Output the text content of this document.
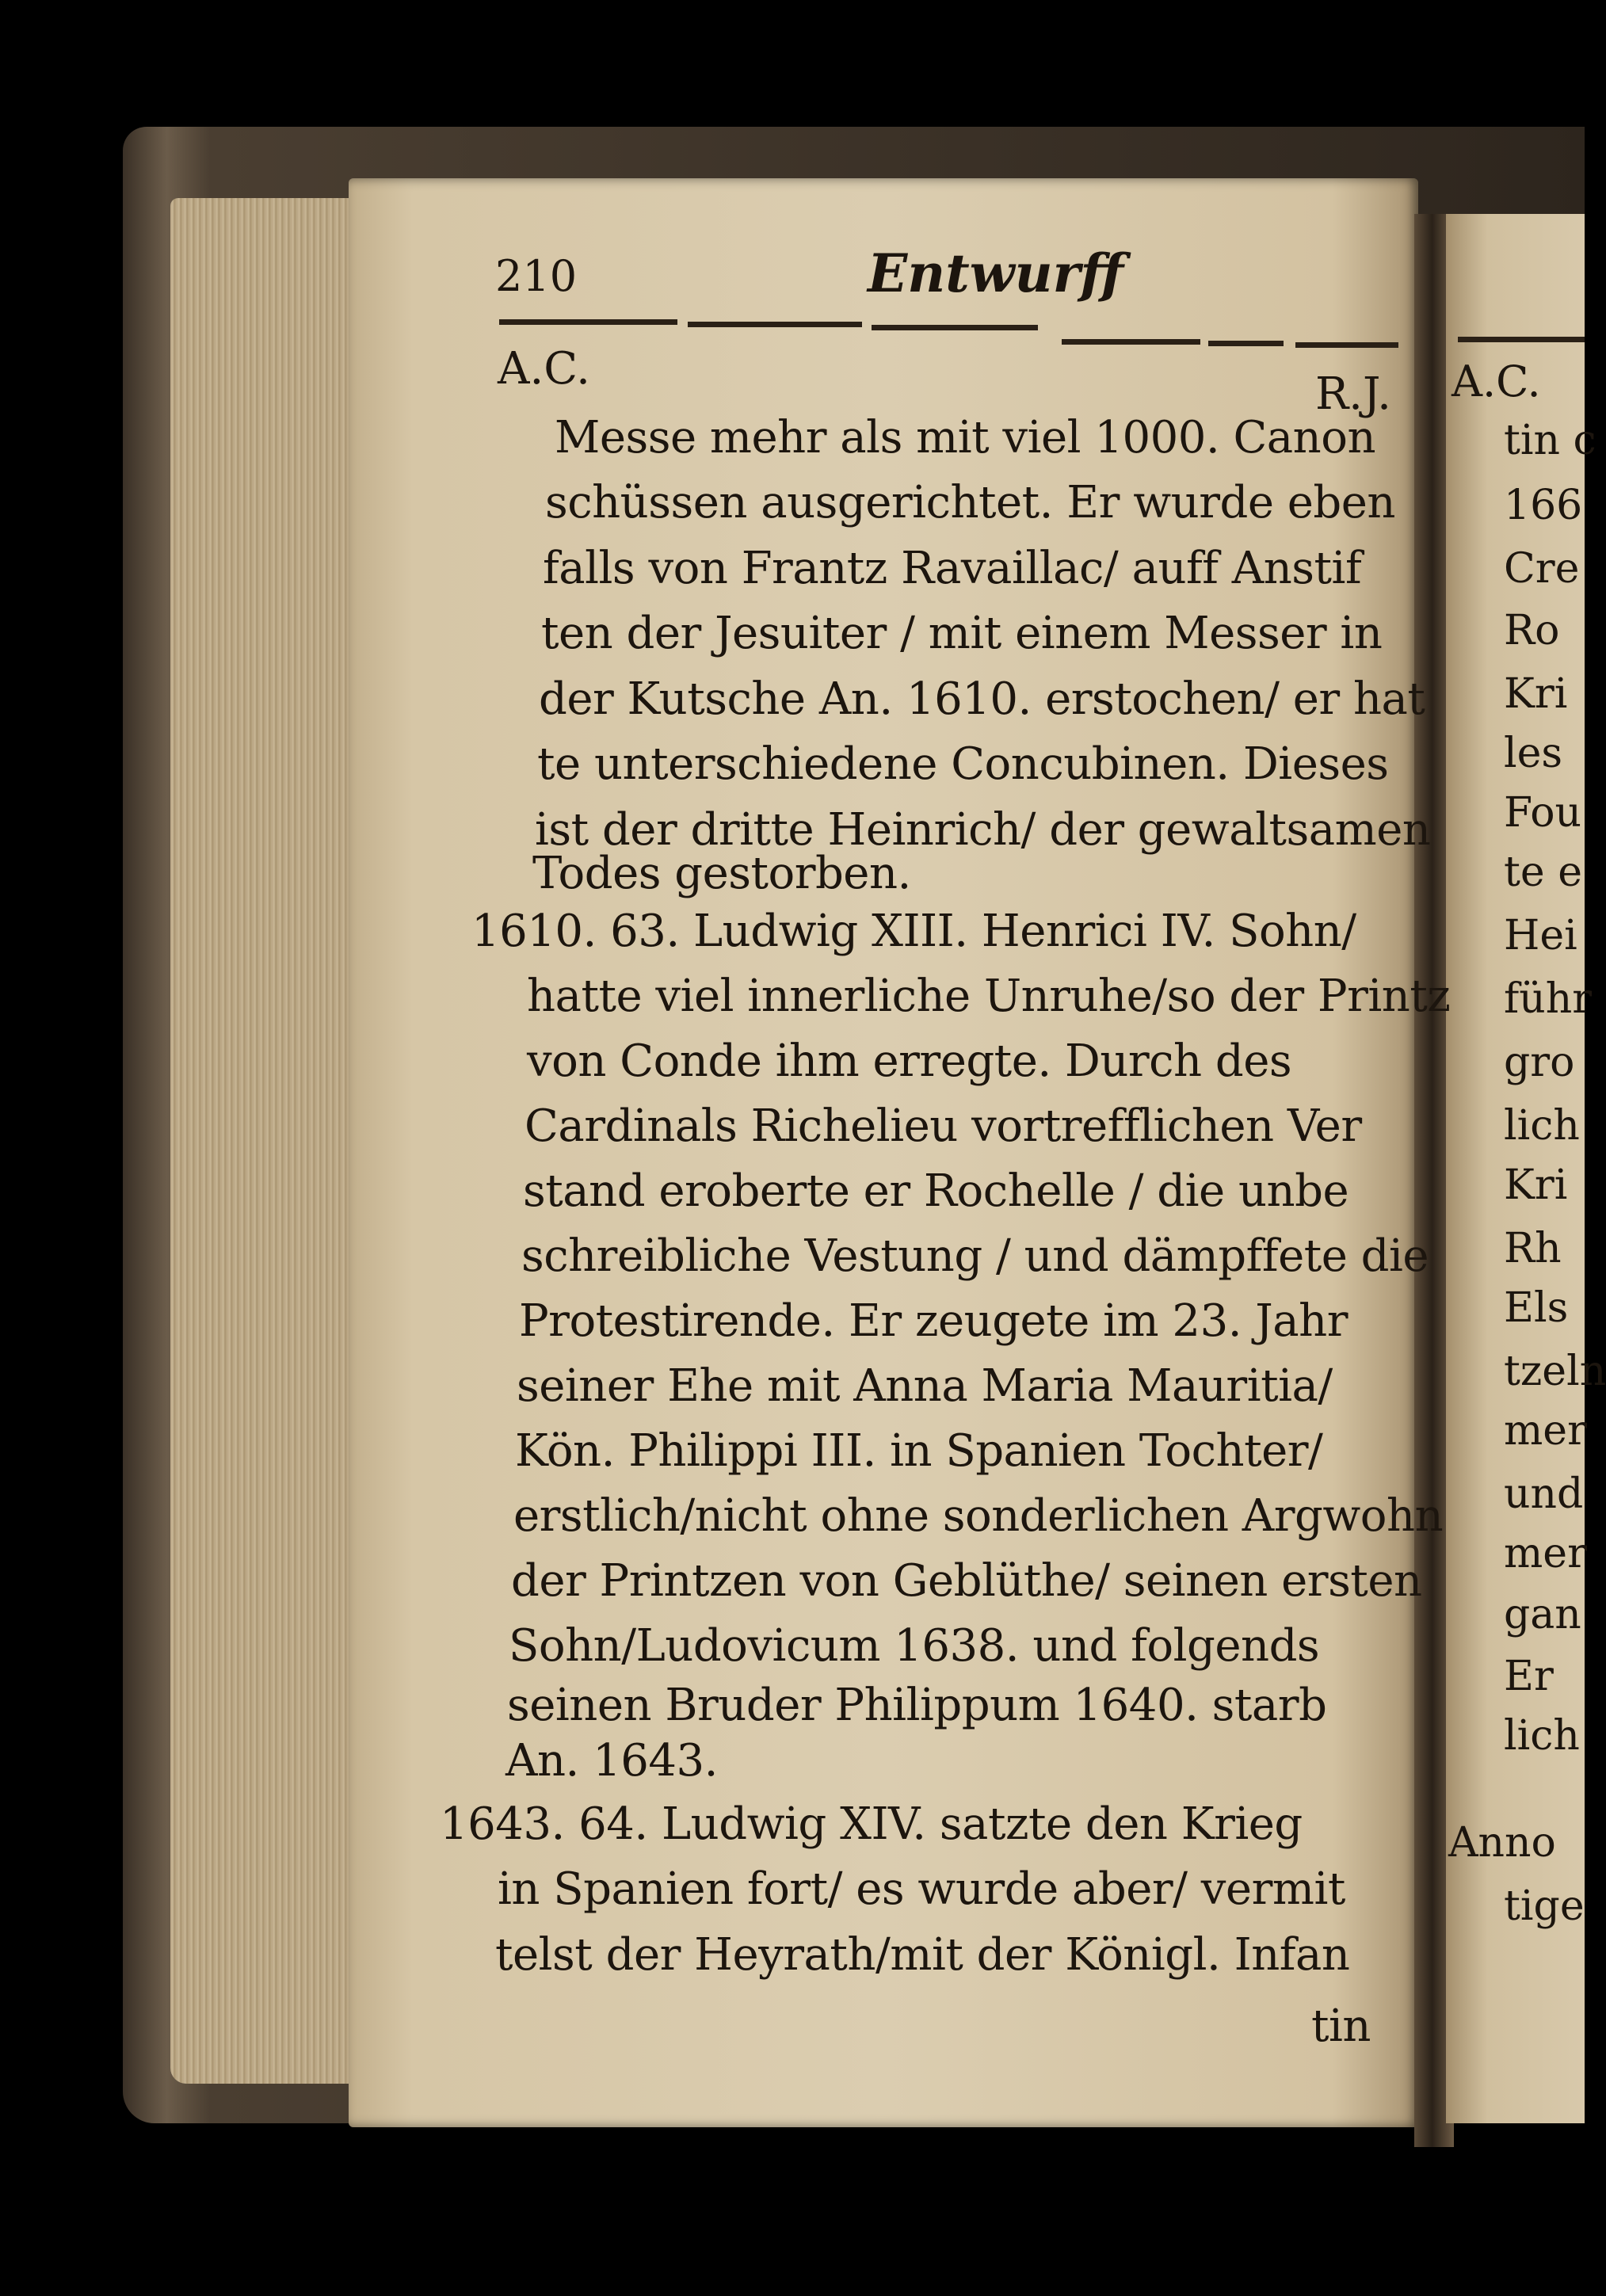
210	Entwurff
A.C.	R.J.
Messe mehr als mit viel 1000. Canon
schüssen ausgerichtet. Er wurde eben
falls von Frantz Ravaillac/ auff Anstif
ten der Jesuiter / mit einem Messer in
der Kutsche An. 1610. erstochen/ er hat
te unterschiedene Concubinen. Dieses
ist der dritte Heinrich/ der gewaltsamen
Todes gestorben.
1610. 63. Ludwig XIII. Henrici IV. Sohn/
hatte viel innerliche Unruhe/so der Printz
von Conde ihm erregte. Durch des
Cardinals Richelieu vortrefflichen Ver
stand eroberte er Rochelle / die unbe
schreibliche Vestung / und dämpffete die
Protestirende. Er zeugete im 23. Jahr
seiner Ehe mit Anna Maria Mauritia/
Kön. Philippi III. in Spanien Tochter/
erstlich/nicht ohne sonderlichen Argwohn
der Printzen von Geblüthe/ seinen ersten
Sohn/Ludovicum 1638. und folgends
seinen Bruder Philippum 1640. starb
An. 1643.
1643. 64. Ludwig XIV. satzte den Krieg
in Spanien fort/ es wurde aber/ vermit
telst der Heyrath/mit der Königl. Infan
tin
A.C.
tin c
166
Cre
Ro
Kri
les
Fou
te e
Hei
führ
gro
lich
Kri
Rh
Els
tzeln
mer
und
mer
gan
Er
lich
Anno
tige
